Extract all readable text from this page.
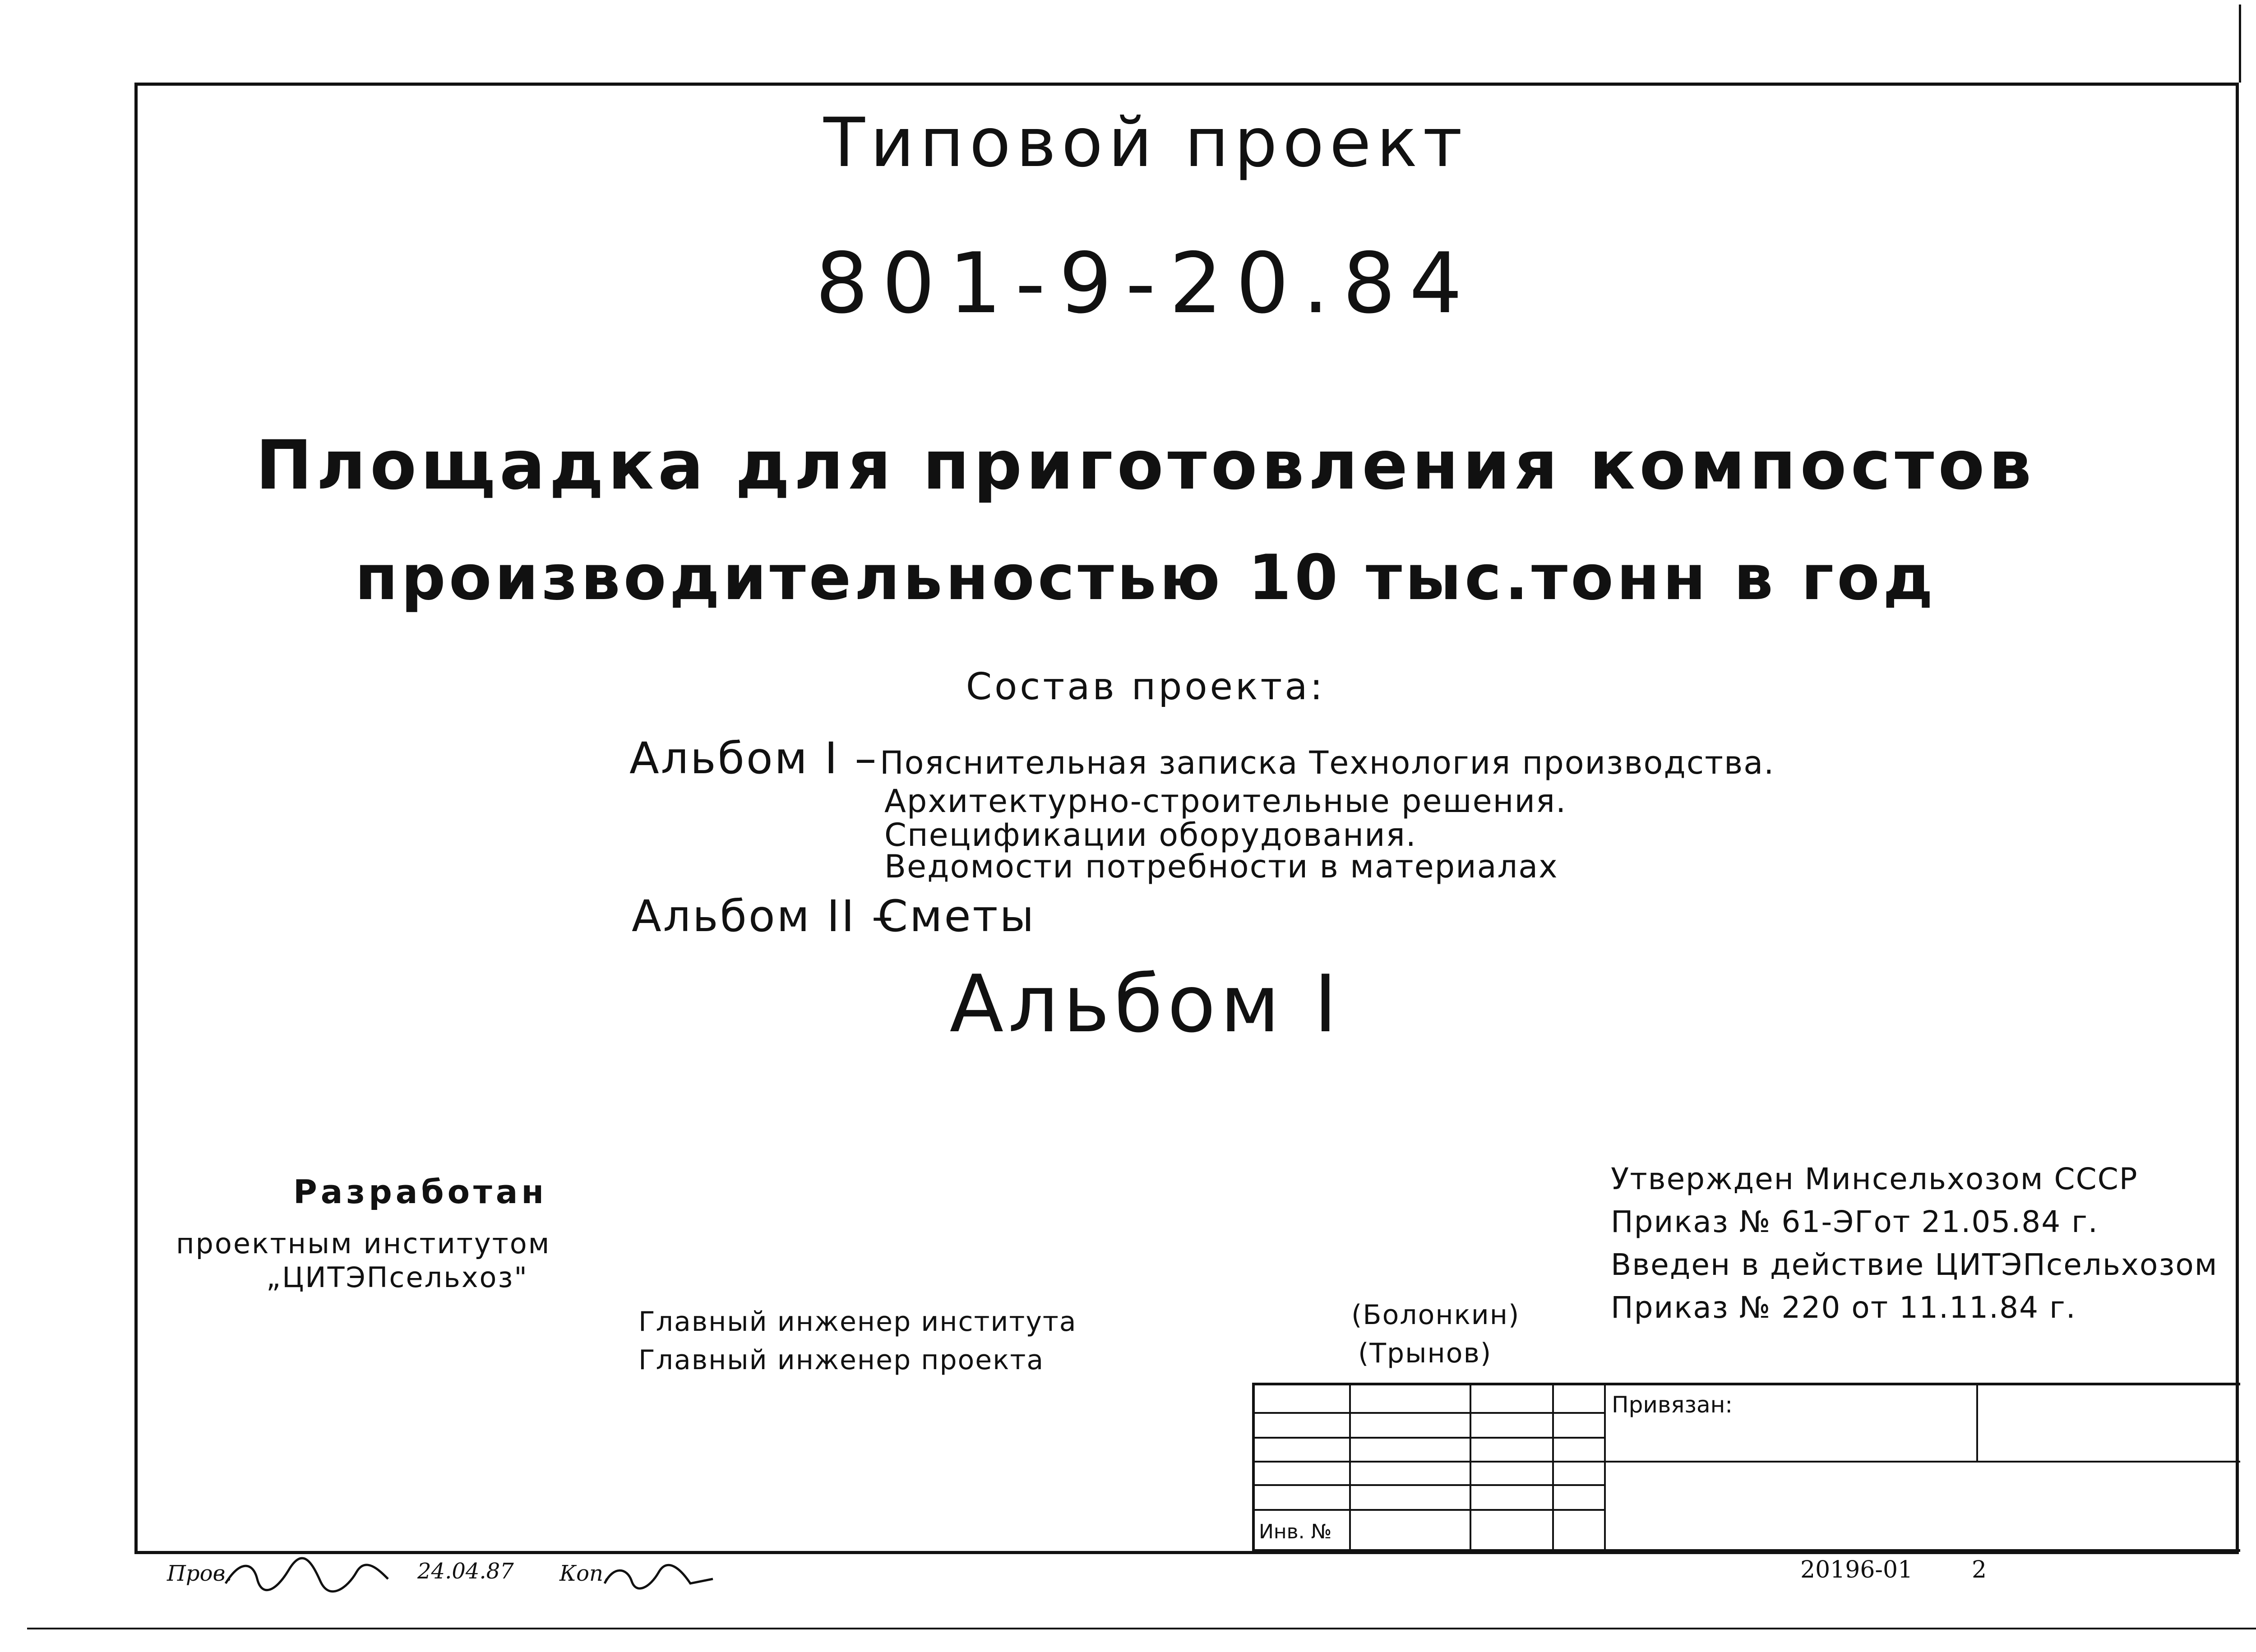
Типовой проект
801-9-20.84
Площадка для приготовления компостов
производительностью 10 тыс.тонн в год
Состав проекта:
Альбом I – Пояснительная записка Технология производства.
Архитектурно-строительные решения.
Спецификации оборудования.
Ведомости потребности в материалах
Альбом II –
Сметы
Альбом I
Разработан
проектным институтом
„ЦИТЭПсельхоз"
Главный инженер института	(Болонкин)
Главный инженер проекта	(Трынов)
Утвержден Минсельхозом СССР
Приказ № 61-ЭГот 21.05.84 г.
Введен в действие ЦИТЭПсельхозом
Приказ № 220 от 11.11.84 г.
Привязан:
Инв. №
Пров.	24.04.87 Коп.	20196-01	2
